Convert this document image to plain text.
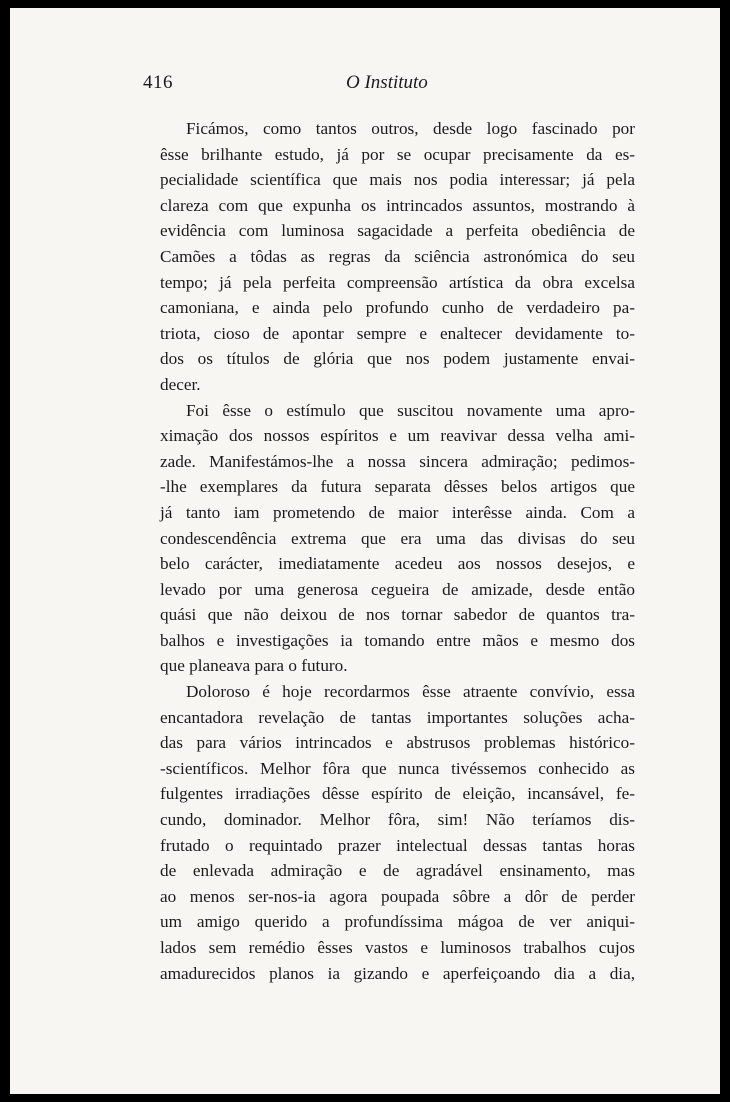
416	O Instituto
Ficámos, como tantos outros, desde logo fascinado por
êsse brilhante estudo, já por se ocupar precisamente da es-
pecialidade scientífica que mais nos podia interessar; já pela
clareza com que expunha os intrincados assuntos, mostrando à
evidência com luminosa sagacidade a perfeita obediência de
Camões a tôdas as regras da sciência astronómica do seu
tempo; já pela perfeita compreensão artística da obra excelsa
camoniana, e ainda pelo profundo cunho de verdadeiro pa-
triota, cioso de apontar sempre e enaltecer devidamente to-
dos os títulos de glória que nos podem justamente envai-
decer.
Foi êsse o estímulo que suscitou novamente uma apro-
ximação dos nossos espíritos e um reavivar dessa velha ami-
zade. Manifestámos-lhe a nossa sincera admiração; pedimos-
-lhe exemplares da futura separata dêsses belos artigos que
já tanto iam prometendo de maior interêsse ainda. Com a
condescendência extrema que era uma das divisas do seu
belo carácter, imediatamente acedeu aos nossos desejos, e
levado por uma generosa cegueira de amizade, desde então
quási que não deixou de nos tornar sabedor de quantos tra-
balhos e investigações ia tomando entre mãos e mesmo dos
que planeava para o futuro.
Doloroso é hoje recordarmos êsse atraente convívio, essa
encantadora revelação de tantas importantes soluções acha-
das para vários intrincados e abstrusos problemas histórico-
-scientíficos. Melhor fôra que nunca tivéssemos conhecido as
fulgentes irradiações dêsse espírito de eleição, incansável, fe-
cundo, dominador. Melhor fôra, sim! Não teríamos dis-
frutado o requintado prazer intelectual dessas tantas horas
de enlevada admiração e de agradável ensinamento, mas
ao menos ser-nos-ia agora poupada sôbre a dôr de perder
um amigo querido a profundíssima mágoa de ver aniqui-
lados sem remédio êsses vastos e luminosos trabalhos cujos
amadurecidos planos ia gizando e aperfeiçoando dia a dia,
